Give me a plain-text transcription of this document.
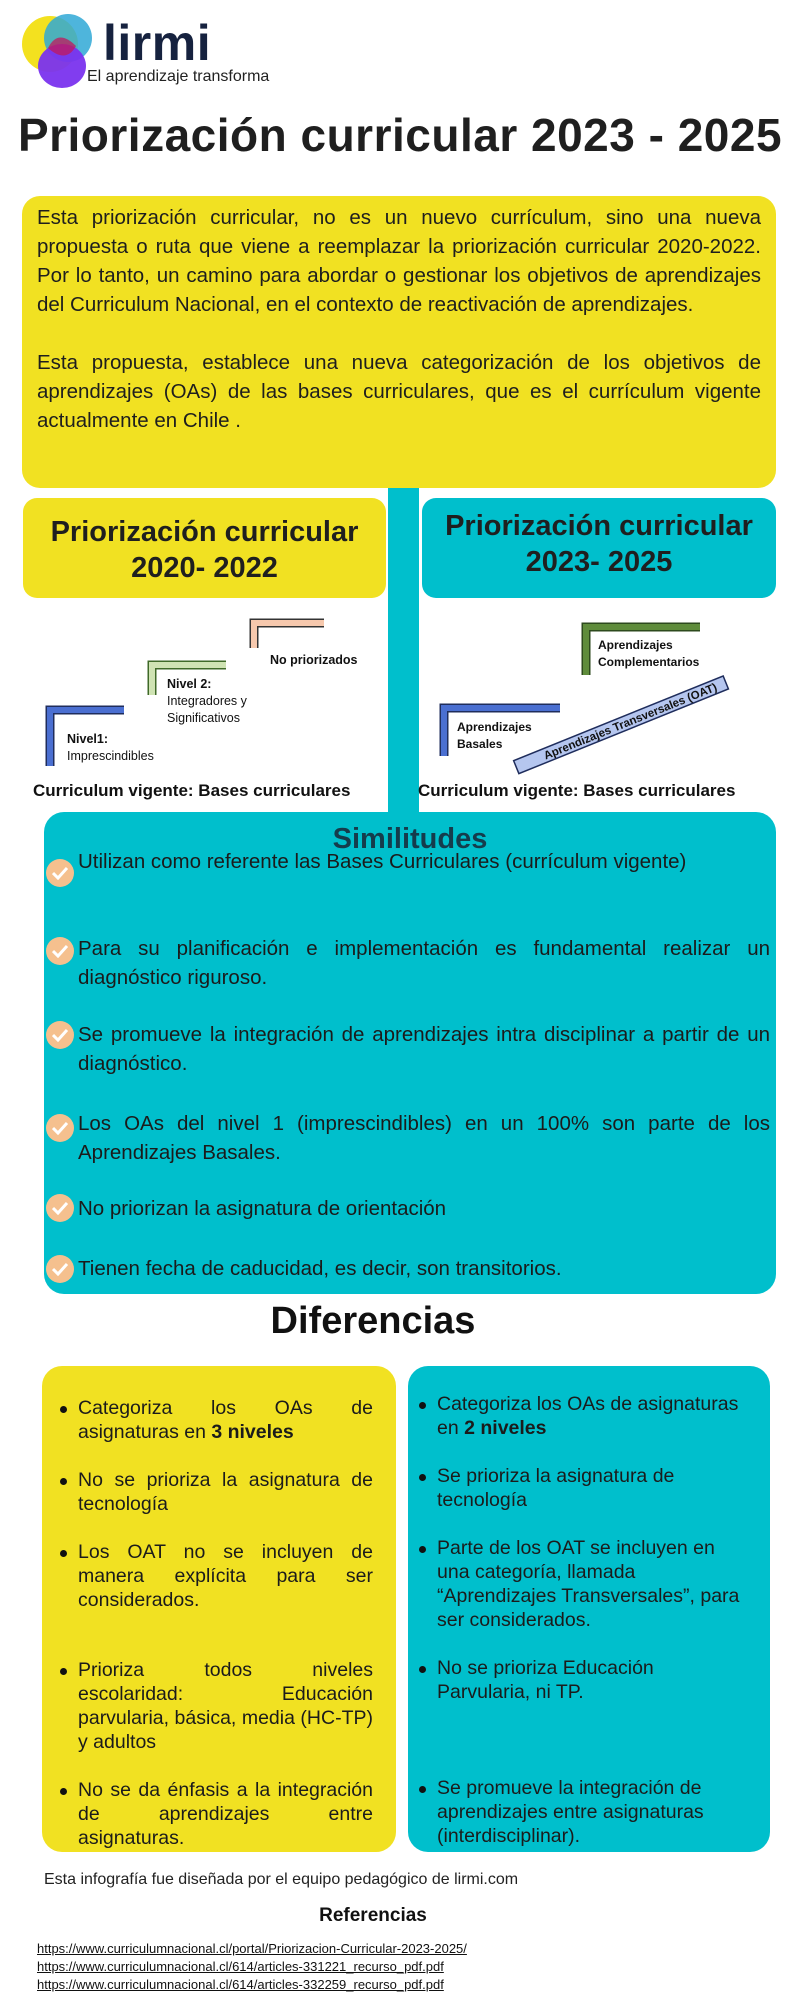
lirmi
El aprendizaje transforma
Priorización curricular 2023 - 2025

Esta priorización curricular, no es un nuevo currículum, sino una nueva propuesta o ruta que viene a reemplazar la priorización curricular 2020-2022. Por lo tanto, un camino para abordar o gestionar los objetivos de aprendizajes del Curriculum Nacional, en el contexto de reactivación de aprendizajes.

Esta propuesta, establece una nueva categorización de los objetivos de aprendizajes (OAs) de las bases curriculares, que es el currículum vigente actualmente en Chile .

Priorización curricular
2020- 2022
Priorización curricular
2023- 2025
Nivel1:
Imprescindibles
Nivel 2:
Integradores y
Significativos
No priorizados
Curriculum vigente: Bases curriculares
Aprendizajes Transversales (OAT)
Aprendizajes
Basales
Aprendizajes
Complementarios
Curriculum vigente: Bases curriculares
Similitudes
Utilizan como referente las Bases Curriculares (currículum vigente)
Para su planificación e implementación es fundamental realizar un diagnóstico riguroso.
Se promueve la integración de aprendizajes intra disciplinar a partir de un diagnóstico.
Los OAs del nivel 1 (imprescindibles) en un 100% son parte de los Aprendizajes Basales.
No priorizan la asignatura de orientación
Tienen fecha de caducidad, es decir, son transitorios.
Diferencias
Categoriza los OAs de asignaturas en 3 niveles
No se prioriza la asignatura de tecnología
Los OAT no se incluyen de manera explícita para ser considerados.
Prioriza todos niveles escolaridad: Educación parvularia, básica, media (HC-TP) y adultos
No se da énfasis a la integración de aprendizajes entre asignaturas.
Categoriza los OAs de asignaturas en 2 niveles
Se prioriza la asignatura de tecnología
Parte de los OAT se incluyen en una categoría, llamada “Aprendizajes Transversales”, para ser considerados.
No se prioriza Educación Parvularia, ni TP.
Se promueve la integración de aprendizajes entre asignaturas (interdisciplinar).
Esta infografía fue diseñada por el equipo pedagógico de lirmi.com
Referencias
https://www.curriculumnacional.cl/portal/Priorizacion-Curricular-2023-2025/
https://www.curriculumnacional.cl/614/articles-331221_recurso_pdf.pdf
https://www.curriculumnacional.cl/614/articles-332259_recurso_pdf.pdf
